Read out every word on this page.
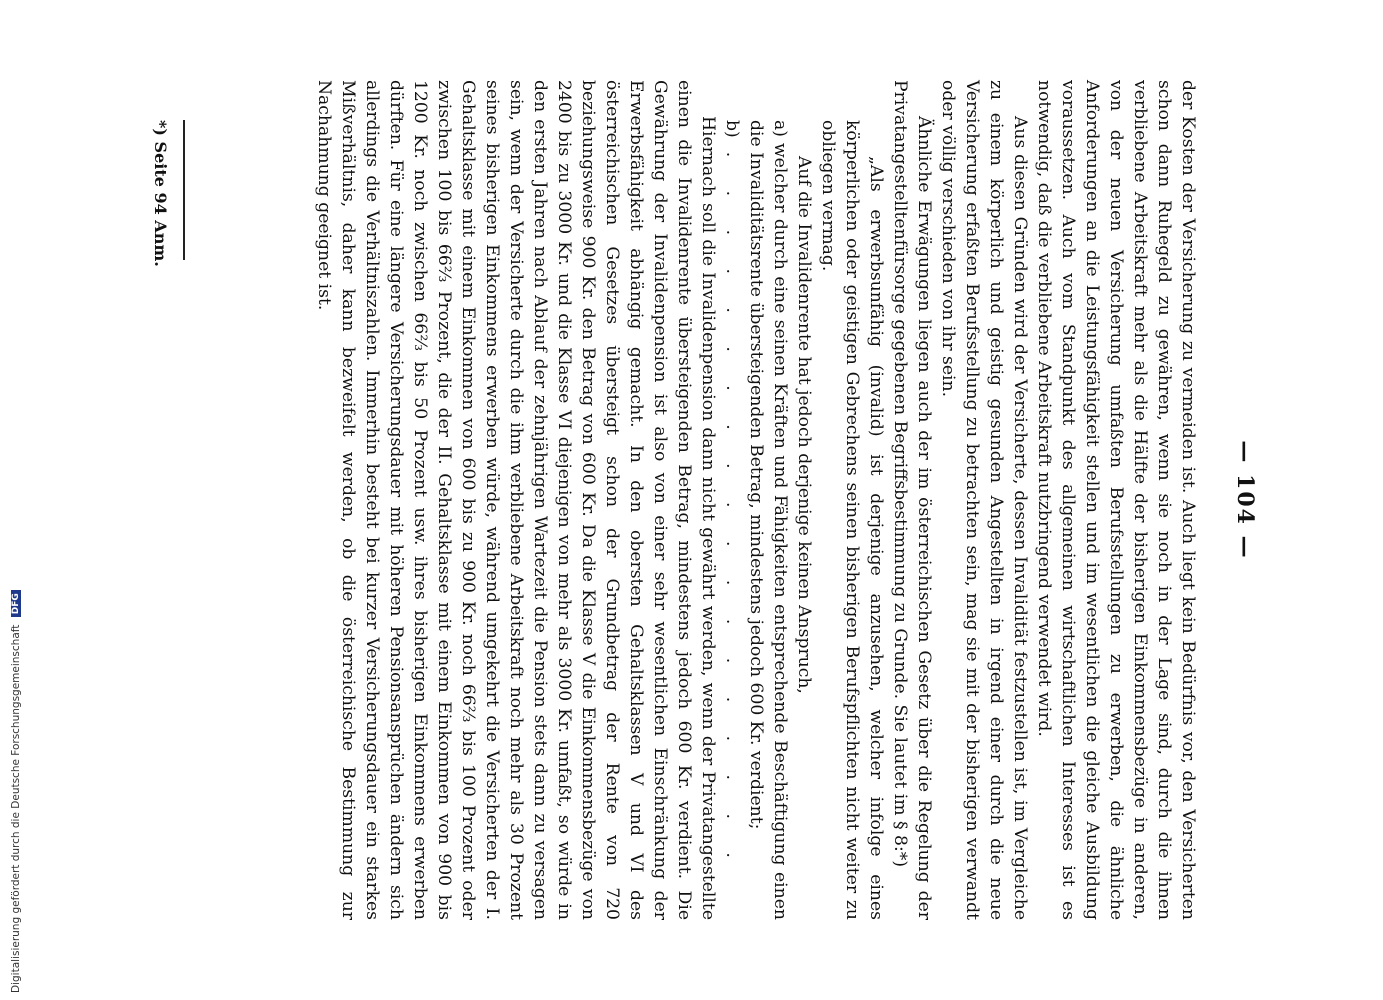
— 104 —

der Kosten der Versicherung zu vermeiden ist. Auch liegt kein Bedürfnis vor, den Versicherten schon dann Ruhegeld zu gewähren, wenn sie noch in der Lage sind, durch die ihnen verbliebene Arbeitskraft mehr als die Hälfte der bisherigen Einkommensbezüge in anderen, von der neuen Versicherung umfaßten Berufsstellungen zu erwerben, die ähnliche Anforderungen an die Leistungsfähigkeit stellen und im wesentlichen die gleiche Ausbildung voraussetzen. Auch vom Standpunkt des allgemeinen wirtschaftlichen Interesses ist es notwendig, daß die verbliebene Arbeitskraft nutzbringend verwendet wird.

Aus diesen Gründen wird der Versicherte, dessen Invalidität festzustellen ist, im Vergleiche zu einem körperlich und geistig gesunden Angestellten in irgend einer durch die neue Versicherung erfaßten Berufsstellung zu betrachten sein, mag sie mit der bisherigen verwandt oder völlig verschieden von ihr sein.

Ähnliche Erwägungen liegen auch der im österreichischen Gesetz über die Regelung der Privatangestelltenfürsorge gegebenen Begriffsbestimmung zu Grunde. Sie lautet im § 8:*)

„Als erwerbsunfähig (invalid) ist derjenige anzusehen, welcher infolge eines körperlichen oder geistigen Gebrechens seinen bisherigen Berufspflichten nicht weiter zu obliegen vermag.

Auf die Invalidenrente hat jedoch derjenige keinen Anspruch,

a)welcher durch eine seinen Kräften und Fähigkeiten entsprechende Beschäftigung einen die Invaliditätsrente übersteigenden Betrag, mindestens jedoch 600 Kr. verdient;

b). . . . . . . . . . . . . . . . . . .

Hiernach soll die Invalidenpension dann nicht gewährt werden, wenn der Privatangestellte einen die Invalidenrente übersteigenden Betrag, mindestens jedoch 600 Kr. verdient. Die Gewährung der Invalidenpension ist also von einer sehr wesentlichen Einschränkung der Erwerbsfähigkeit abhängig gemacht. In den obersten Gehaltsklassen V und VI des österreichischen Gesetzes übersteigt schon der Grundbetrag der Rente von 720 beziehungsweise 900 Kr. den Betrag von 600 Kr. Da die Klasse V die Einkommensbezüge von 2400 bis zu 3000 Kr. und die Klasse VI diejenigen von mehr als 3000 Kr. umfaßt, so würde in den ersten Jahren nach Ablauf der zehnjährigen Wartezeit die Pension stets dann zu versagen sein, wenn der Versicherte durch die ihm verbliebene Arbeitskraft noch mehr als 30 Prozent seines bisherigen Einkommens erwerben würde, während umgekehrt die Versicherten der I. Gehaltsklasse mit einem Einkommen von 600 bis zu 900 Kr. noch 66⅔ bis 100 Prozent oder zwischen 100 bis 66⅔ Prozent, die der II. Gehaltsklasse mit einem Einkommen von 900 bis 1200 Kr. noch zwischen 66⅔ bis 50 Prozent usw. ihres bisherigen Einkommens erwerben dürften. Für eine längere Versicherungsdauer mit höheren Pensionsansprüchen ändern sich allerdings die Verhältniszahlen. Immerhin besteht bei kurzer Versicherungsdauer ein starkes Mißverhältnis, daher kann bezweifelt werden, ob die österreichische Bestimmung zur Nachahmung geeignet ist.

*) Seite 94 Anm.
Digitalisierung gefördert durch die Deutsche Forschungsgemeinschaft DFG
